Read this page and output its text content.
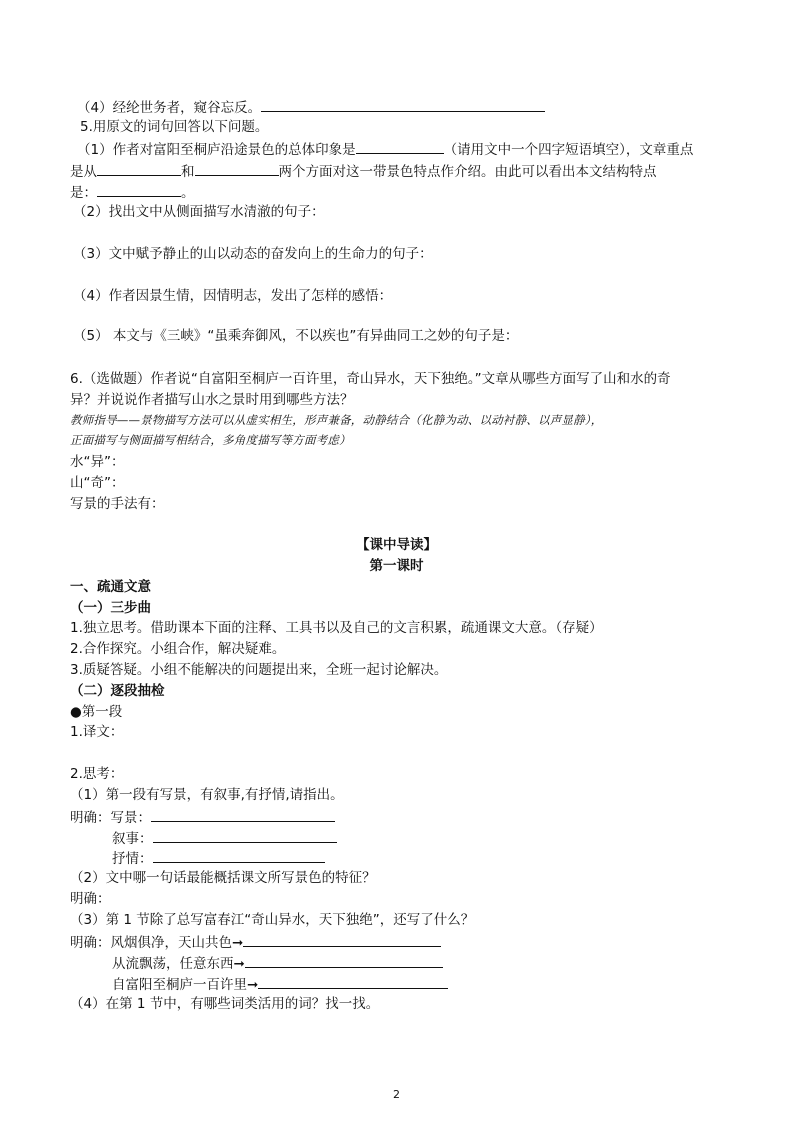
（4）经纶世务者，窥谷忘反。
5.用原文的词句回答以下问题。
（1）作者对富阳至桐庐沿途景色的总体印象是	（请用文中一个四字短语填空），文章重点
是从	和	两个方面对这一带景色特点作介绍。由此可以看出本文结构特点
是：	。
（2）找出文中从侧面描写水清澈的句子：
（3）文中赋予静止的山以动态的奋发向上的生命力的句子：
（4）作者因景生情，因情明志，发出了怎样的感悟：
（5） 本文与《三峡》“虽乘奔御风，不以疾也”有异曲同工之妙的句子是：
6.（选做题）作者说“自富阳至桐庐一百许里，奇山异水，天下独绝。”文章从哪些方面写了山和水的奇
异？并说说作者描写山水之景时用到哪些方法？
教师指导——景物描写方法可以从虚实相生，形声兼备，动静结合（化静为动、以动衬静、以声显静），
正面描写与侧面描写相结合，多角度描写等方面考虑）
水“异”：
山“奇”：
写景的手法有：
【课中导读】
第一课时
一、疏通文意
（一）三步曲
1.独立思考。借助课本下面的注释、工具书以及自己的文言积累，疏通课文大意。（存疑）
2.合作探究。小组合作，解决疑难。
3.质疑答疑。小组不能解决的问题提出来，全班一起讨论解决。
（二）逐段抽检
●第一段
1.译文：
2.思考：
（1）第一段有写景，有叙事,有抒情,请指出。
明确：写景：
叙事：
抒情：
（2）文中哪一句话最能概括课文所写景色的特征？
明确：
（3）第 1 节除了总写富春江“奇山异水，天下独绝”，还写了什么？
明确：风烟俱净，天山共色➞
从流飘荡，任意东西➞
自富阳至桐庐一百许里➞
（4）在第 1 节中，有哪些词类活用的词？找一找。
2
